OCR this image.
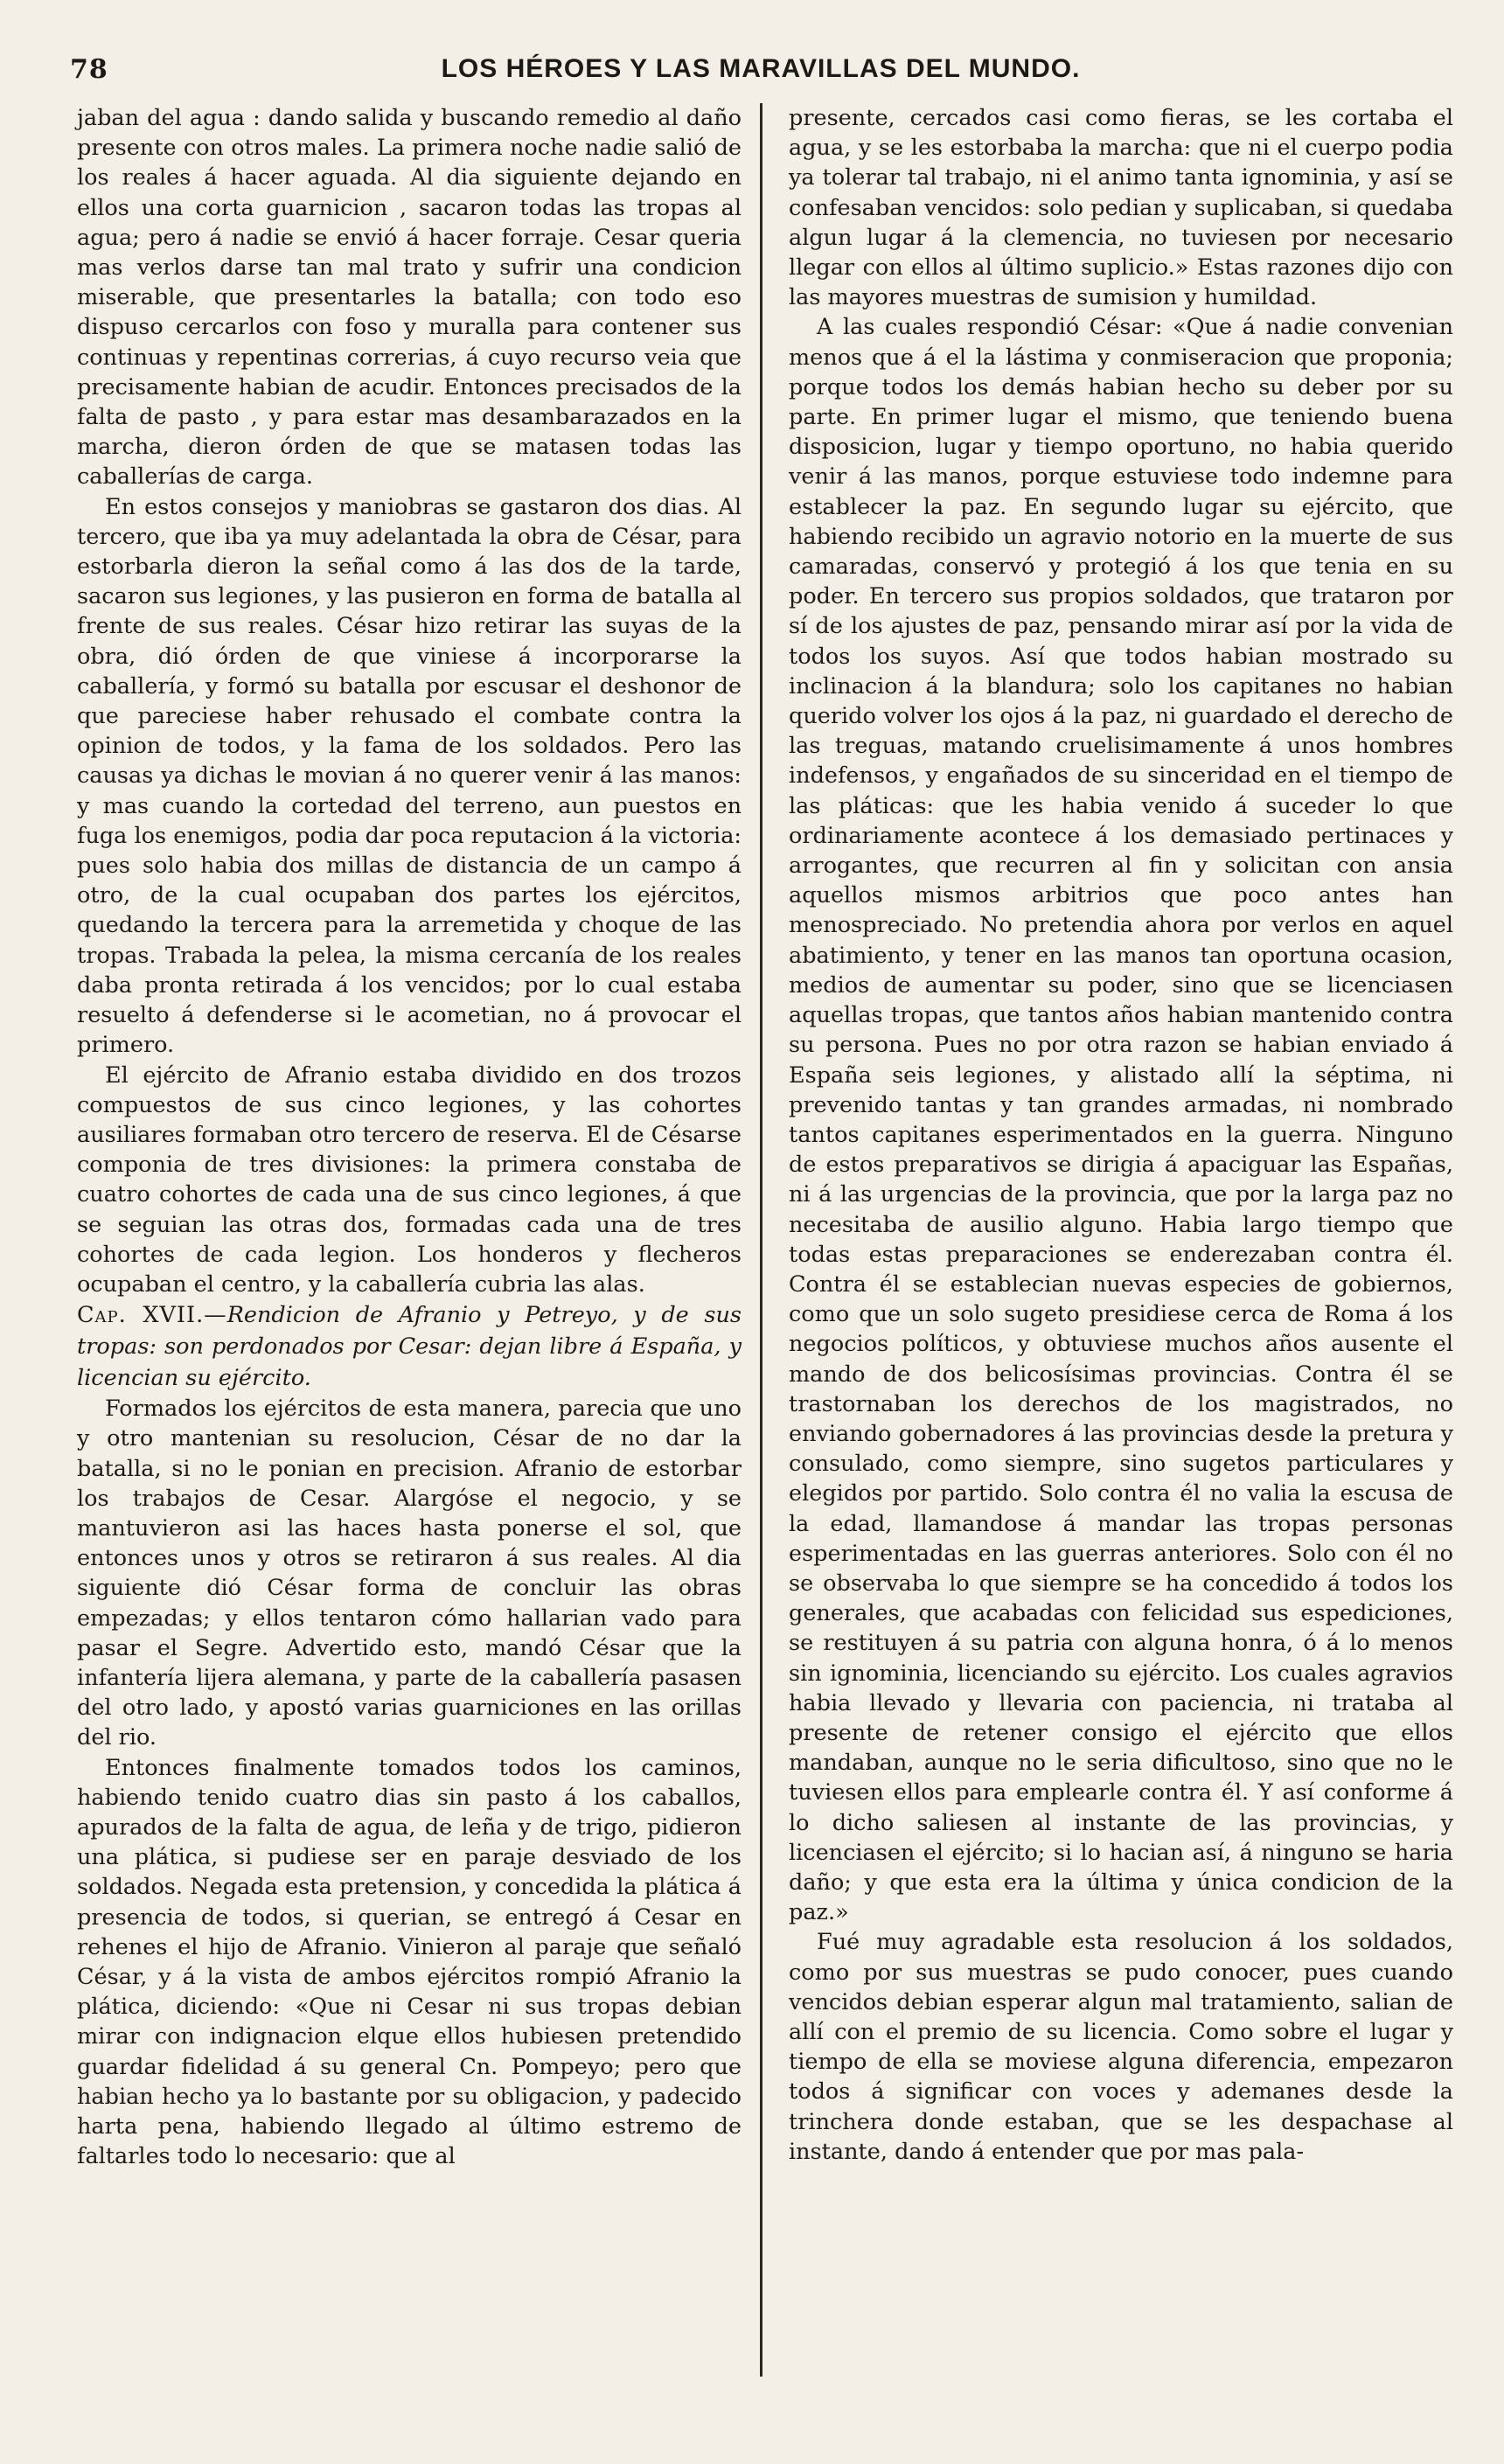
78	LOS HÉROES Y LAS MARAVILLAS DEL MUNDO.

jaban del agua : dando salida y buscando remedio al daño presente con otros males. La primera noche nadie salió de los reales á hacer aguada. Al dia siguiente dejando en ellos una corta guarnicion , sacaron todas las tropas al agua; pero á nadie se envió á hacer forraje. Cesar queria mas verlos darse tan mal trato y sufrir una condicion miserable, que presentarles la batalla; con todo eso dispuso cercarlos con foso y muralla para contener sus continuas y repentinas correrias, á cuyo recurso veia que precisamente habian de acudir. Entonces precisados de la falta de pasto , y para estar mas desambarazados en la marcha, dieron órden de que se matasen todas las caballerías de carga.

En estos consejos y maniobras se gastaron dos dias. Al tercero, que iba ya muy adelantada la obra de César, para estorbarla dieron la señal como á las dos de la tarde, sacaron sus legiones, y las pusieron en forma de batalla al frente de sus reales. César hizo retirar las suyas de la obra, dió órden de que viniese á incorporarse la caballería, y formó su batalla por escusar el deshonor de que pareciese haber rehusado el combate contra la opinion de todos, y la fama de los soldados. Pero las causas ya dichas le movian á no querer venir á las manos: y mas cuando la cortedad del terreno, aun puestos en fuga los enemigos, podia dar poca reputacion á la victoria: pues solo habia dos millas de distancia de un campo á otro, de la cual ocupaban dos partes los ejércitos, quedando la tercera para la arremetida y choque de las tropas. Trabada la pelea, la misma cercanía de los reales daba pronta retirada á los vencidos; por lo cual estaba resuelto á defenderse si le acometian, no á provocar el primero.

El ejército de Afranio estaba dividido en dos trozos compuestos de sus cinco legiones, y las cohortes ausiliares formaban otro tercero de reserva. El de Césarse componia de tres divisiones: la primera constaba de cuatro cohortes de cada una de sus cinco legiones, á que se seguian las otras dos, formadas cada una de tres cohortes de cada legion. Los honderos y flecheros ocupaban el centro, y la caballería cubria las alas.

Cap. XVII.—Rendicion de Afranio y Petreyo, y de sus tropas: son perdonados por Cesar: dejan libre á España, y licencian su ejército.

Formados los ejércitos de esta manera, parecia que uno y otro mantenian su resolucion, César de no dar la batalla, si no le ponian en precision. Afranio de estorbar los trabajos de Cesar. Alargóse el negocio, y se mantuvieron asi las haces hasta ponerse el sol, que entonces unos y otros se retiraron á sus reales. Al dia siguiente dió César forma de concluir las obras empezadas; y ellos tentaron cómo hallarian vado para pasar el Segre. Advertido esto, mandó César que la infantería lijera alemana, y parte de la caballería pasasen del otro lado, y apostó varias guarniciones en las orillas del rio.

Entonces finalmente tomados todos los caminos, habiendo tenido cuatro dias sin pasto á los caballos, apurados de la falta de agua, de leña y de trigo, pidieron una plática, si pudiese ser en paraje desviado de los soldados. Negada esta pretension, y concedida la plática á presencia de todos, si querian, se entregó á Cesar en rehenes el hijo de Afranio. Vinieron al paraje que señaló César, y á la vista de ambos ejércitos rompió Afranio la plática, diciendo: «Que ni Cesar ni sus tropas debian mirar con indignacion elque ellos hubiesen pretendido guardar fidelidad á su general Cn. Pompeyo; pero que habian hecho ya lo bastante por su obligacion, y padecido harta pena, habiendo llegado al último estremo de faltarles todo lo necesario: que al

presente, cercados casi como fieras, se les cortaba el agua, y se les estorbaba la marcha: que ni el cuerpo podia ya tolerar tal trabajo, ni el animo tanta ignominia, y así se confesaban vencidos: solo pedian y suplicaban, si quedaba algun lugar á la clemencia, no tuviesen por necesario llegar con ellos al último suplicio.» Estas razones dijo con las mayores muestras de sumision y humildad.

A las cuales respondió César: «Que á nadie convenian menos que á el la lástima y conmiseracion que proponia; porque todos los demás habian hecho su deber por su parte. En primer lugar el mismo, que teniendo buena disposicion, lugar y tiempo oportuno, no habia querido venir á las manos, porque estuviese todo indemne para establecer la paz. En segundo lugar su ejército, que habiendo recibido un agravio notorio en la muerte de sus camaradas, conservó y protegió á los que tenia en su poder. En tercero sus propios soldados, que trataron por sí de los ajustes de paz, pensando mirar así por la vida de todos los suyos. Así que todos habian mostrado su inclinacion á la blandura; solo los capitanes no habian querido volver los ojos á la paz, ni guardado el derecho de las treguas, matando cruelisimamente á unos hombres indefensos, y engañados de su sinceridad en el tiempo de las pláticas: que les habia venido á suceder lo que ordinariamente acontece á los demasiado pertinaces y arrogantes, que recurren al fin y solicitan con ansia aquellos mismos arbitrios que poco antes han menospreciado. No pretendia ahora por verlos en aquel abatimiento, y tener en las manos tan oportuna ocasion, medios de aumentar su poder, sino que se licenciasen aquellas tropas, que tantos años habian mantenido contra su persona. Pues no por otra razon se habian enviado á España seis legiones, y alistado allí la séptima, ni prevenido tantas y tan grandes armadas, ni nombrado tantos capitanes esperimentados en la guerra. Ninguno de estos preparativos se dirigia á apaciguar las Españas, ni á las urgencias de la provincia, que por la larga paz no necesitaba de ausilio alguno. Habia largo tiempo que todas estas preparaciones se enderezaban contra él. Contra él se establecian nuevas especies de gobiernos, como que un solo sugeto presidiese cerca de Roma á los negocios políticos, y obtuviese muchos años ausente el mando de dos belicosísimas provincias. Contra él se trastornaban los derechos de los magistrados, no enviando gobernadores á las provincias desde la pretura y consulado, como siempre, sino sugetos particulares y elegidos por partido. Solo contra él no valia la escusa de la edad, llamandose á mandar las tropas personas esperimentadas en las guerras anteriores. Solo con él no se observaba lo que siempre se ha concedido á todos los generales, que acabadas con felicidad sus espediciones, se restituyen á su patria con alguna honra, ó á lo menos sin ignominia, licenciando su ejército. Los cuales agravios habia llevado y llevaria con paciencia, ni trataba al presente de retener consigo el ejército que ellos mandaban, aunque no le seria dificultoso, sino que no le tuviesen ellos para emplearle contra él. Y así conforme á lo dicho saliesen al instante de las provincias, y licenciasen el ejército; si lo hacian así, á ninguno se haria daño; y que esta era la última y única condicion de la paz.»

Fué muy agradable esta resolucion á los soldados, como por sus muestras se pudo conocer, pues cuando vencidos debian esperar algun mal tratamiento, salian de allí con el premio de su licencia. Como sobre el lugar y tiempo de ella se moviese alguna diferencia, empezaron todos á significar con voces y ademanes desde la trinchera donde estaban, que se les despachase al instante, dando á entender que por mas pala-
